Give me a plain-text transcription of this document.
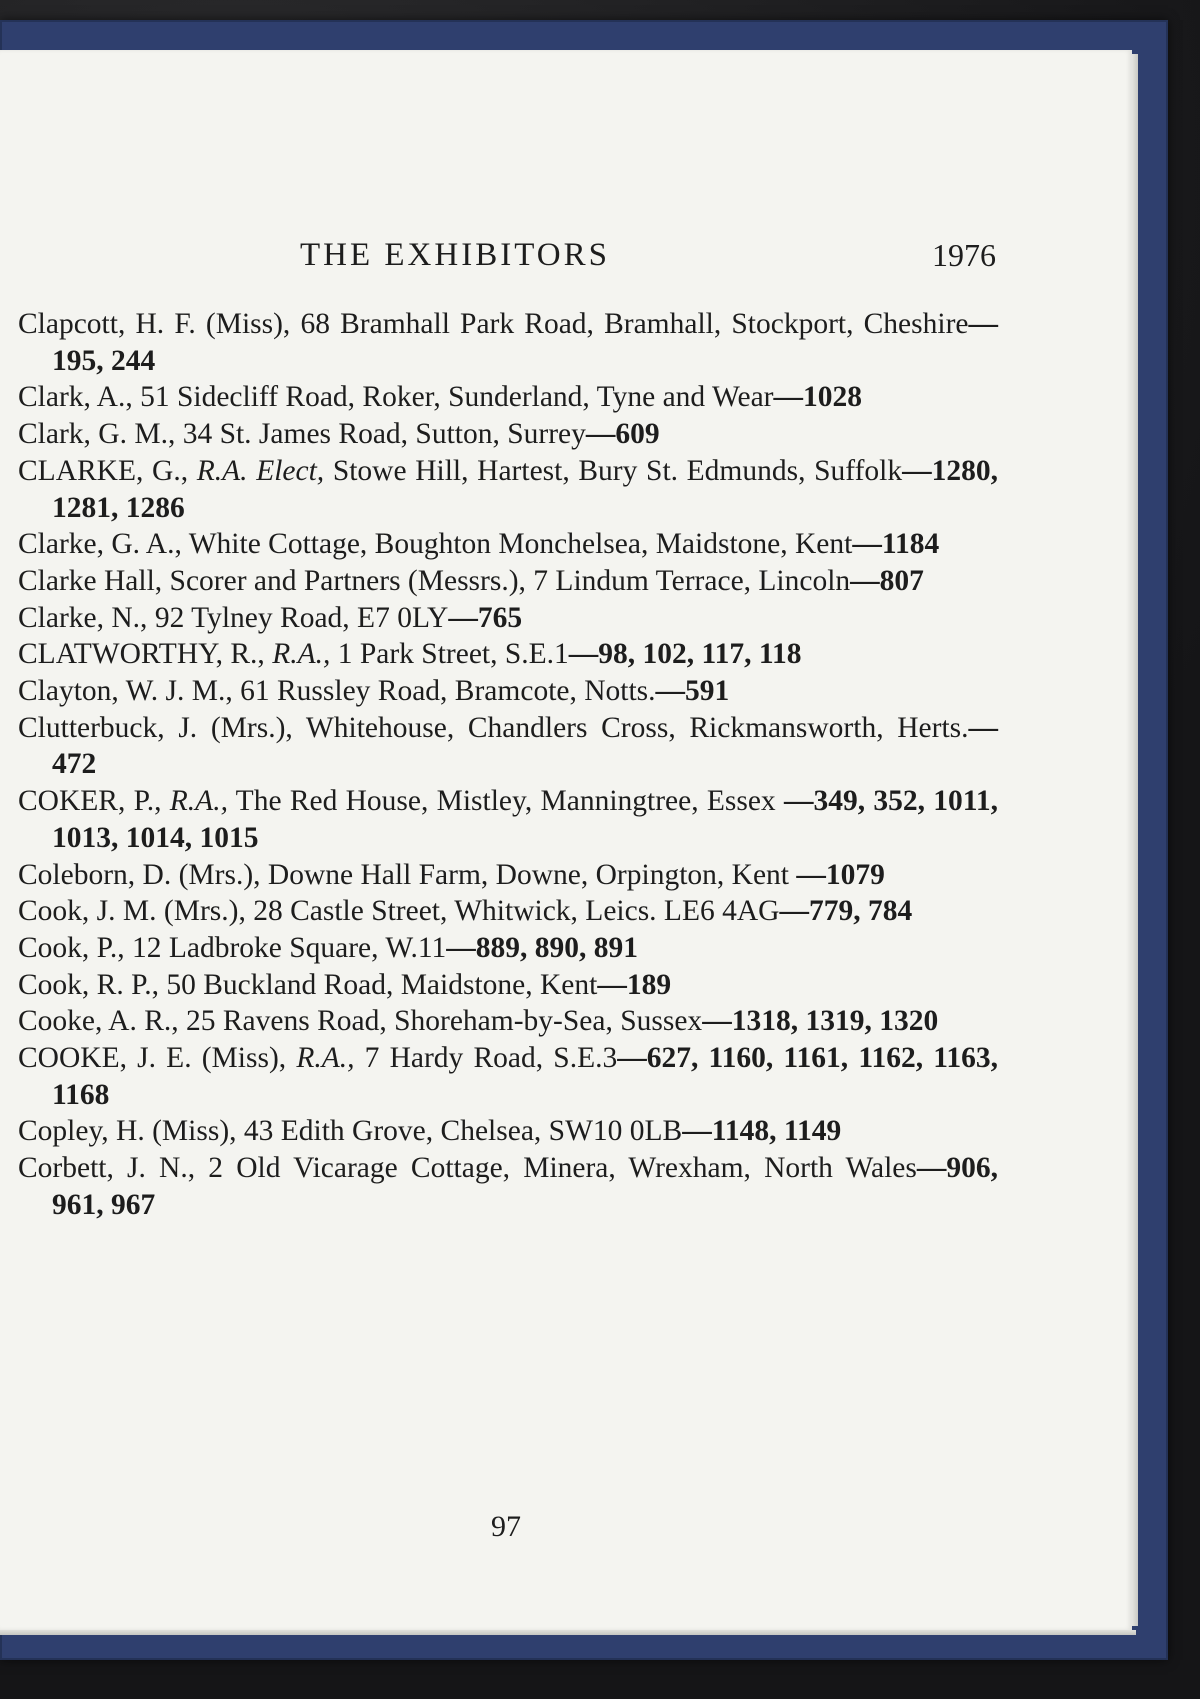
THE EXHIBITORS	1976
Clapcott, H. F. (Miss), 68 Bramhall Park Road, Bramhall, Stockport, Cheshire—195, 244
Clark, A., 51 Sidecliff Road, Roker, Sunderland, Tyne and Wear—1028
Clark, G. M., 34 St. James Road, Sutton, Surrey—609
CLARKE, G., R.A. Elect, Stowe Hill, Hartest, Bury St. Edmunds, Suffolk—1280, 1281, 1286
Clarke, G. A., White Cottage, Boughton Monchelsea, Maidstone, Kent—1184
Clarke Hall, Scorer and Partners (Messrs.), 7 Lindum Terrace, Lincoln—807
Clarke, N., 92 Tylney Road, E7 0LY—765
CLATWORTHY, R., R.A., 1 Park Street, S.E.1—98, 102, 117, 118
Clayton, W. J. M., 61 Russley Road, Bramcote, Notts.—591
Clutterbuck, J. (Mrs.), Whitehouse, Chandlers Cross, Rickmansworth, Herts.—472
COKER, P., R.A., The Red House, Mistley, Manningtree, Essex —349, 352, 1011, 1013, 1014, 1015
Coleborn, D. (Mrs.), Downe Hall Farm, Downe, Orpington, Kent —1079
Cook, J. M. (Mrs.), 28 Castle Street, Whitwick, Leics. LE6 4AG—779, 784
Cook, P., 12 Ladbroke Square, W.11—889, 890, 891
Cook, R. P., 50 Buckland Road, Maidstone, Kent—189
Cooke, A. R., 25 Ravens Road, Shoreham-by-Sea, Sussex—1318, 1319, 1320
COOKE, J. E. (Miss), R.A., 7 Hardy Road, S.E.3—627, 1160, 1161, 1162, 1163, 1168
Copley, H. (Miss), 43 Edith Grove, Chelsea, SW10 0LB—1148, 1149
Corbett, J. N., 2 Old Vicarage Cottage, Minera, Wrexham, North Wales—906, 961, 967
97
